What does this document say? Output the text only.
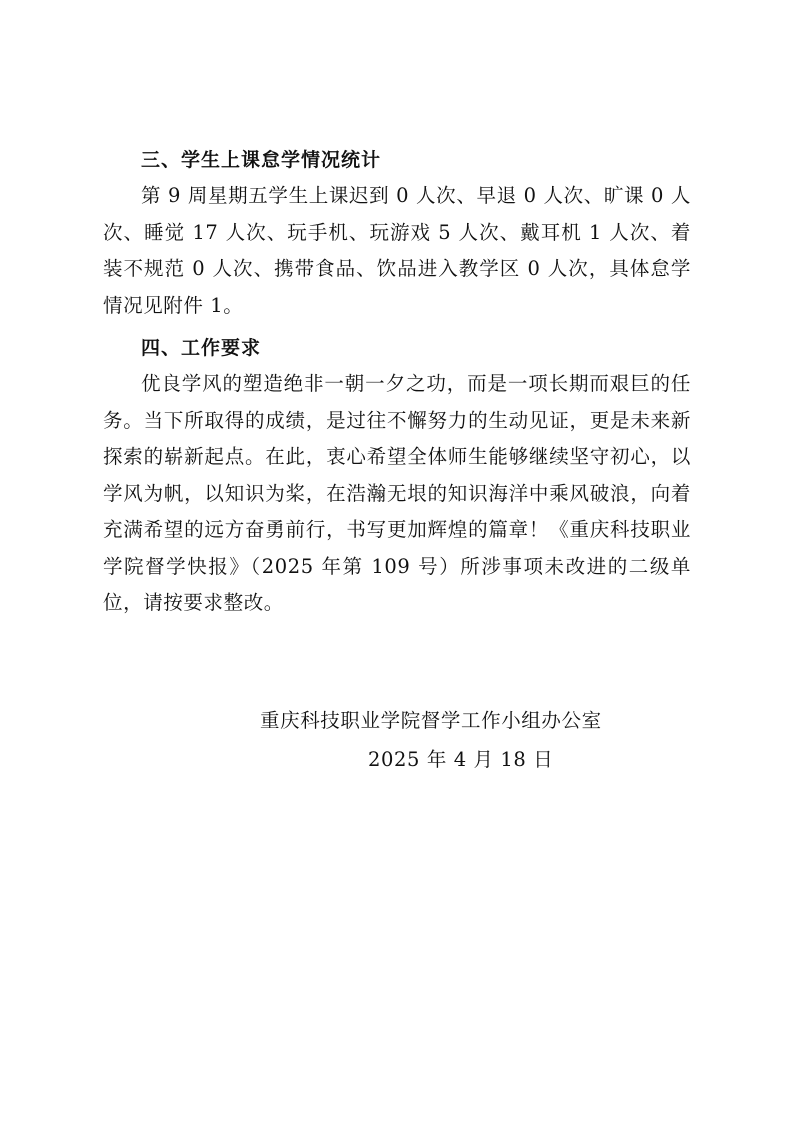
三、学生上课怠学情况统计

第 9 周星期五学生上课迟到 0 人次、早退 0 人次、旷课 0 人次、睡觉 17 人次、玩手机、玩游戏 5 人次、戴耳机 1 人次、着装不规范 0 人次、携带食品、饮品进入教学区 0 人次，具体怠学情况见附件 1。

四、工作要求

优良学风的塑造绝非一朝一夕之功，而是一项长期而艰巨的任务。当下所取得的成绩，是过往不懈努力的生动见证，更是未来新探索的崭新起点。在此，衷心希望全体师生能够继续坚守初心，以学风为帆，以知识为桨，在浩瀚无垠的知识海洋中乘风破浪，向着充满希望的远方奋勇前行，书写更加辉煌的篇章！《重庆科技职业学院督学快报》（2025 年第 109 号）所涉事项未改进的二级单位，请按要求整改。

重庆科技职业学院督学工作小组办公室
2025 年 4 月 18 日
